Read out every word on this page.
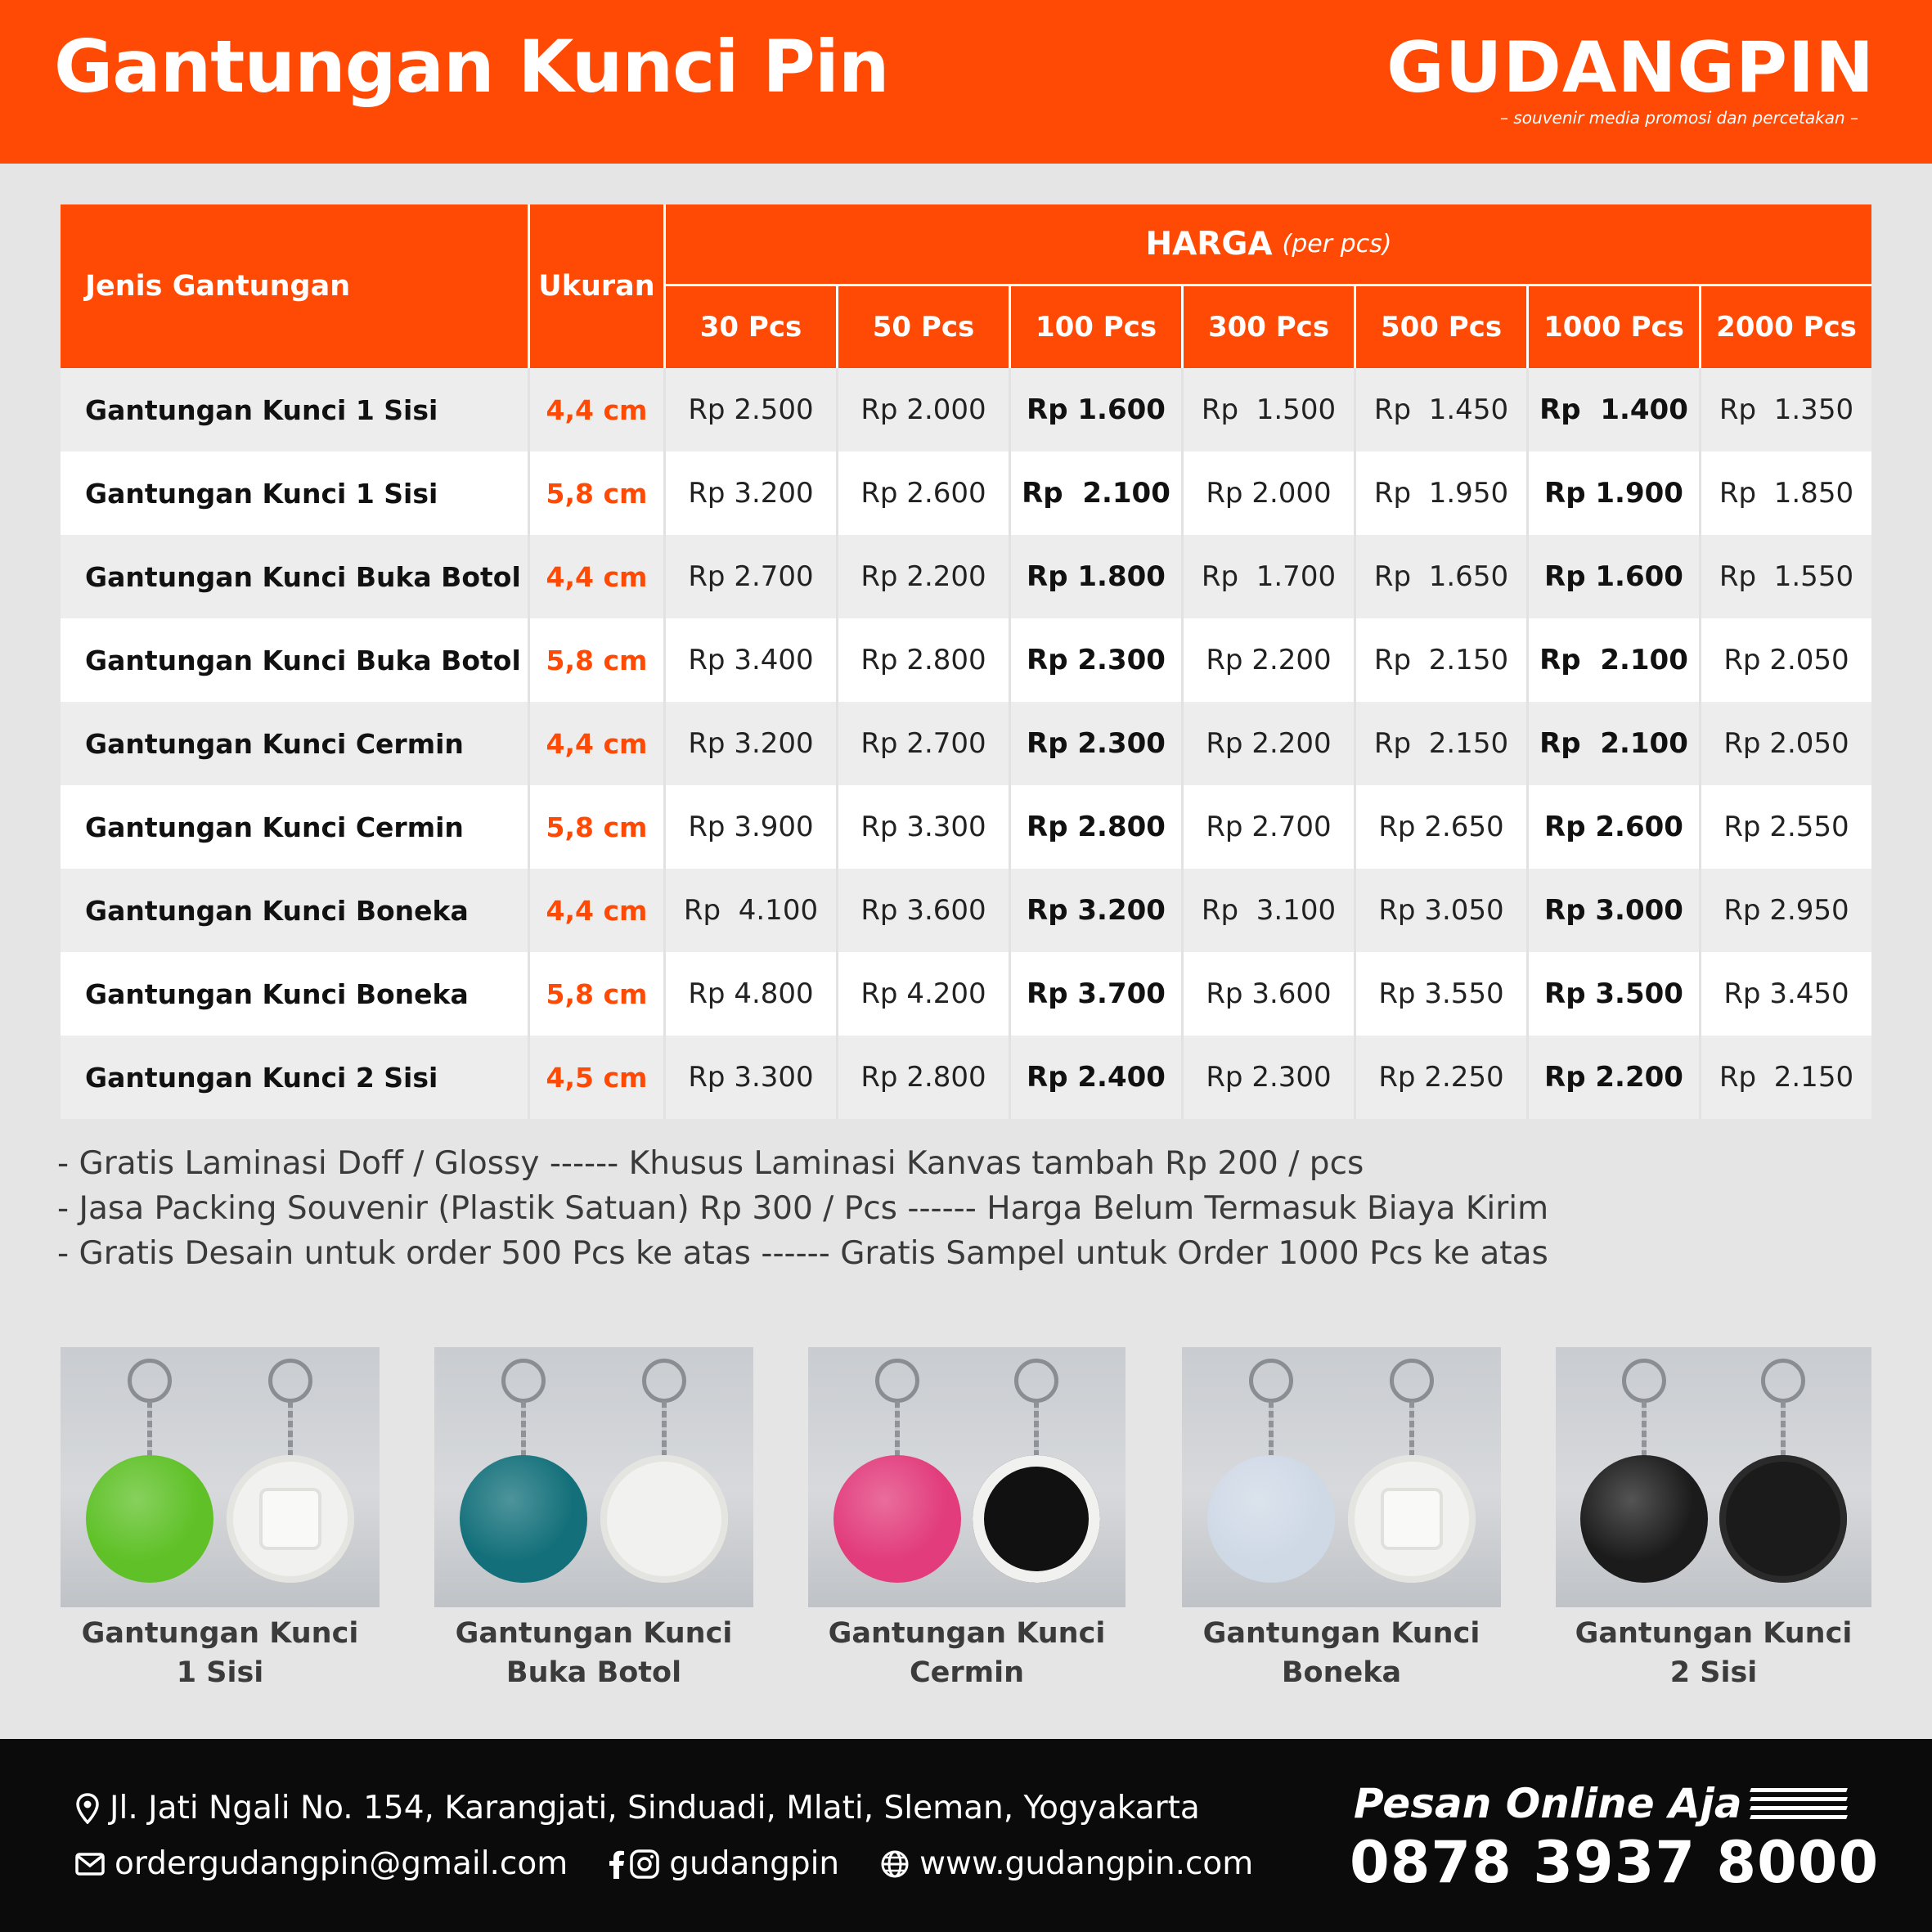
Gantungan Kunci Pin	GUDANGPIN
– souvenir media promosi dan percetakan –
Jenis Gantungan	Ukuran
HARGA (per pcs)
30 Pcs	50 Pcs	100 Pcs	300 Pcs	500 Pcs	1000 Pcs	2000 Pcs
Gantungan Kunci 1 Sisi	4,4 cm	Rp 2.500	Rp 2.000	Rp 1.600	Rp  1.500	Rp  1.450	Rp  1.400	Rp  1.350
Gantungan Kunci 1 Sisi	5,8 cm	Rp 3.200	Rp 2.600	Rp  2.100	Rp 2.000	Rp  1.950	Rp 1.900	Rp  1.850
Gantungan Kunci Buka Botol 4,4 cm	Rp 2.700	Rp 2.200	Rp 1.800	Rp  1.700	Rp  1.650	Rp 1.600	Rp  1.550
Gantungan Kunci Buka Botol 5,8 cm	Rp 3.400	Rp 2.800	Rp 2.300	Rp 2.200	Rp  2.150	Rp  2.100	Rp 2.050
Gantungan Kunci Cermin	4,4 cm	Rp 3.200	Rp 2.700	Rp 2.300	Rp 2.200	Rp  2.150	Rp  2.100	Rp 2.050
Gantungan Kunci Cermin	5,8 cm	Rp 3.900	Rp 3.300	Rp 2.800	Rp 2.700	Rp 2.650	Rp 2.600	Rp 2.550
Gantungan Kunci Boneka	4,4 cm	Rp  4.100	Rp 3.600	Rp 3.200	Rp  3.100	Rp 3.050	Rp 3.000	Rp 2.950
Gantungan Kunci Boneka	5,8 cm	Rp 4.800	Rp 4.200	Rp 3.700	Rp 3.600	Rp 3.550	Rp 3.500	Rp 3.450
Gantungan Kunci 2 Sisi	4,5 cm	Rp 3.300	Rp 2.800	Rp 2.400	Rp 2.300	Rp 2.250	Rp 2.200	Rp  2.150
- Gratis Laminasi Doff / Glossy ------ Khusus Laminasi Kanvas tambah Rp 200 / pcs
- Jasa Packing Souvenir (Plastik Satuan) Rp 300 / Pcs ------ Harga Belum Termasuk Biaya Kirim
- Gratis Desain untuk order 500 Pcs ke atas ------ Gratis Sampel untuk Order 1000 Pcs ke atas
Gantungan Kunci
1 Sisi
Gantungan Kunci
Buka Botol
Gantungan Kunci
Cermin
Gantungan Kunci
Boneka
Gantungan Kunci
2 Sisi
Jl. Jati Ngali No. 154, Karangjati, Sinduadi, Mlati, Sleman, Yogyakarta
ordergudangpin@gmail.com	gudangpin	www.gudangpin.com
Pesan Online Aja
0878 3937 8000
